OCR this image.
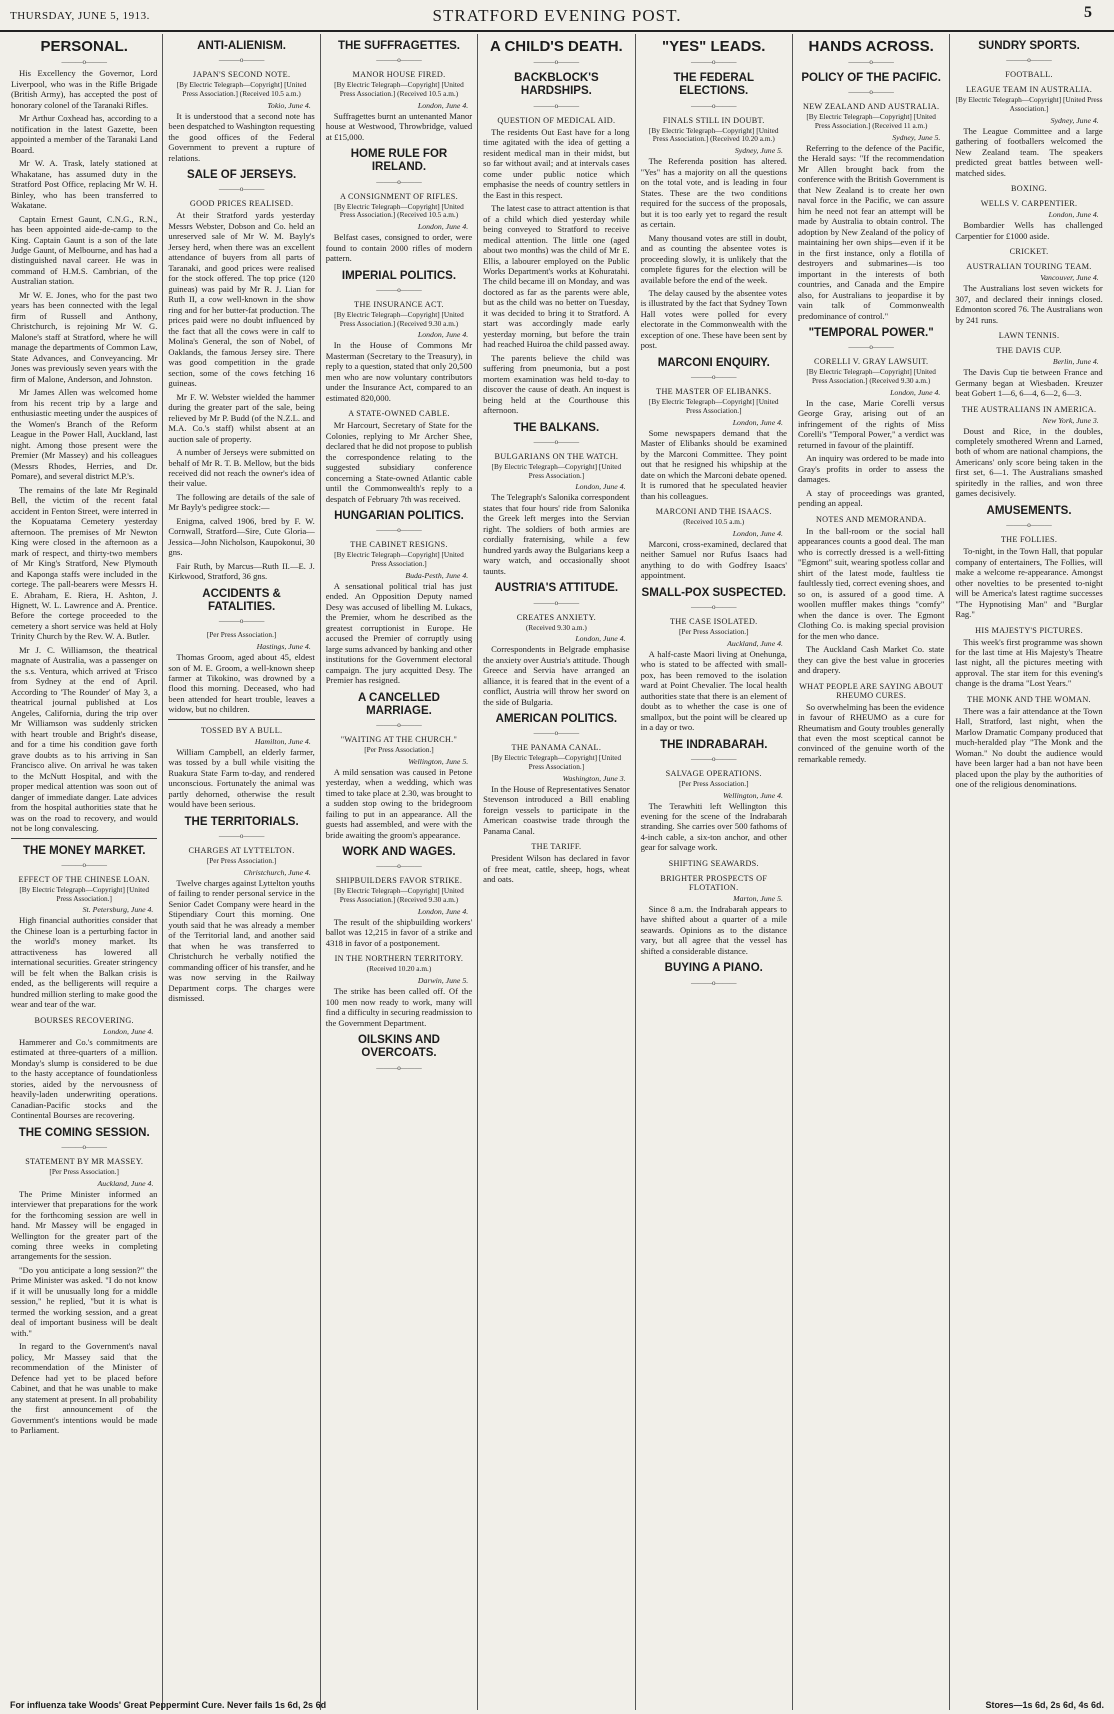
THURSDAY, JUNE 5, 1913.	STRATFORD EVENING POST.	5
PERSONAL.
———o———

His Excellency the Governor, Lord Liverpool, who was in the Rifle Brigade (British Army), has accepted the post of honorary colonel of the Taranaki Rifles.

Mr Arthur Coxhead has, according to a notification in the latest Gazette, been appointed a member of the Taranaki Land Board.

Mr W. A. Trask, lately stationed at Whakatane, has assumed duty in the Stratford Post Office, replacing Mr W. H. Binley, who has been transferred to Wakatane.

Captain Ernest Gaunt, C.N.G., R.N., has been appointed aide-de-camp to the King. Captain Gaunt is a son of the late Judge Gaunt, of Melbourne, and has had a distinguished naval career. He was in command of H.M.S. Cambrian, of the Australian station.

Mr W. E. Jones, who for the past two years has been connected with the legal firm of Russell and Anthony, Christchurch, is rejoining Mr W. G. Malone's staff at Stratford, where he will manage the departments of Common Law, State Advances, and Conveyancing. Mr Jones was previously seven years with the firm of Malone, Anderson, and Johnston.

Mr James Allen was welcomed home from his recent trip by a large and enthusiastic meeting under the auspices of the Women's Branch of the Reform League in the Power Hall, Auckland, last night. Among those present were the Premier (Mr Massey) and his colleagues (Messrs Rhodes, Herries, and Dr. Pomare), and several district M.P.'s.

The remains of the late Mr Reginald Bell, the victim of the recent fatal accident in Fenton Street, were interred in the Kopuatama Cemetery yesterday afternoon. The premises of Mr Newton King were closed in the afternoon as a mark of respect, and thirty-two members of Mr King's Stratford, New Plymouth and Kaponga staffs were included in the cortege. The pall-bearers were Messrs H. E. Abraham, E. Riera, H. Ashton, J. Hignett, W. L. Lawrence and A. Prentice. Before the cortege proceeded to the cemetery a short service was held at Holy Trinity Church by the Rev. W. A. Butler.

Mr J. C. Williamson, the theatrical magnate of Australia, was a passenger on the s.s. Ventura, which arrived at 'Frisco from Sydney at the end of April. According to 'The Rounder' of May 3, a theatrical journal published at Los Angeles, California, during the trip over Mr Williamson was suddenly stricken with heart trouble and Bright's disease, and for a time his condition gave forth grave doubts as to his arriving in San Francisco alive. On arrival he was taken to the McNutt Hospital, and with the proper medical attention was soon out of danger of immediate danger. Late advices from the hospital authorities state that he was on the road to recovery, and would not be long convalescing.

THE MONEY MARKET.
———o———
EFFECT OF THE CHINESE LOAN.
[By Electric Telegraph—Copyright] [United Press Association.]
St. Petersburg, June 4.

High financial authorities consider that the Chinese loan is a perturbing factor in the world's money market. Its attractiveness has lowered all international securities. Greater stringency will be felt when the Balkan crisis is ended, as the belligerents will require a hundred million sterling to make good the wear and tear of the war.

BOURSES RECOVERING.
London, June 4.

Hammerer and Co.'s commitments are estimated at three-quarters of a million. Monday's slump is considered to be due to the hasty acceptance of foundationless stories, aided by the nervousness of heavily-laden underwriting operations. Canadian-Pacific stocks and the Continental Bourses are recovering.

THE COMING SESSION.
———o———
STATEMENT BY MR MASSEY.
[Per Press Association.]
Auckland, June 4.

The Prime Minister informed an interviewer that preparations for the work for the forthcoming session are well in hand. Mr Massey will be engaged in Wellington for the greater part of the coming three weeks in completing arrangements for the session.

"Do you anticipate a long session?" the Prime Minister was asked. "I do not know if it will be unusually long for a middle session," he replied, "but it is what is termed the working session, and a great deal of important business will be dealt with."

In regard to the Government's naval policy, Mr Massey said that the recommendation of the Minister of Defence had yet to be placed before Cabinet, and that he was unable to make any statement at present. In all probability the first announcement of the Government's intentions would be made to Parliament.

ANTI-ALIENISM.
———o———
JAPAN'S SECOND NOTE.
[By Electric Telegraph—Copyright] [United Press Association.] (Received 10.5 a.m.)
Tokio, June 4.

It is understood that a second note has been despatched to Washington requesting the good offices of the Federal Government to prevent a rupture of relations.

SALE OF JERSEYS.
———o———
GOOD PRICES REALISED.

At their Stratford yards yesterday Messrs Webster, Dobson and Co. held an unreserved sale of Mr W. M. Bayly's Jersey herd, when there was an excellent attendance of buyers from all parts of Taranaki, and good prices were realised for the stock offered. The top price (120 guineas) was paid by Mr R. J. Lian for Ruth II, a cow well-known in the show ring and for her butter-fat production. The prices paid were no doubt influenced by the fact that all the cows were in calf to Molina's General, the son of Nobel, of Oaklands, the famous Jersey sire. There was good competition in the grade section, some of the cows fetching 16 guineas.

Mr F. W. Webster wielded the hammer during the greater part of the sale, being relieved by Mr P. Budd (of the N.Z.L. and M.A. Co.'s staff) whilst absent at an auction sale of property.

A number of Jerseys were submitted on behalf of Mr R. T. B. Mellow, but the bids received did not reach the owner's idea of their value.

The following are details of the sale of Mr Bayly's pedigree stock:—

Enigma, calved 1906, bred by F. W. Cornwall, Stratford—Sire, Cute Gloria—Jessica—John Nicholson, Kaupokonui, 30 gns.

Fair Ruth, by Marcus—Ruth II.—E. J. Kirkwood, Stratford, 36 gns.

ACCIDENTS & FATALITIES.
———o———
[Per Press Association.]
Hastings, June 4.

Thomas Groom, aged about 45, eldest son of M. E. Groom, a well-known sheep farmer at Tikokino, was drowned by a flood this morning. Deceased, who had been attended for heart trouble, leaves a widow, but no children.

TOSSED BY A BULL.
Hamilton, June 4.

William Campbell, an elderly farmer, was tossed by a bull while visiting the Ruakura State Farm to-day, and rendered unconscious. Fortunately the animal was partly dehorned, otherwise the result would have been serious.

THE TERRITORIALS.
———o———
CHARGES AT LYTTELTON.
[Per Press Association.]
Christchurch, June 4.

Twelve charges against Lyttelton youths of failing to render personal service in the Senior Cadet Company were heard in the Stipendiary Court this morning. One youth said that he was already a member of the Territorial land, and another said that when he was transferred to Christchurch he verbally notified the commanding officer of his transfer, and he was now serving in the Railway Department corps. The charges were dismissed.

THE SUFFRAGETTES.
———o———
MANOR HOUSE FIRED.
[By Electric Telegraph—Copyright] [United Press Association.] (Received 10.5 a.m.)
London, June 4.

Suffragettes burnt an untenanted Manor house at Westwood, Throwbridge, valued at £15,000.

HOME RULE FOR IRELAND.
———o———
A CONSIGNMENT OF RIFLES.
[By Electric Telegraph—Copyright] [United Press Association.] (Received 10.5 a.m.)
London, June 4.

Belfast cases, consigned to order, were found to contain 2000 rifles of modern pattern.

IMPERIAL POLITICS.
———o———
THE INSURANCE ACT.
[By Electric Telegraph—Copyright] [United Press Association.] (Received 9.30 a.m.)
London, June 4.

In the House of Commons Mr Masterman (Secretary to the Treasury), in reply to a question, stated that only 20,500 men who are now voluntary contributors under the Insurance Act, compared to an estimated 820,000.

A STATE-OWNED CABLE.

Mr Harcourt, Secretary of State for the Colonies, replying to Mr Archer Shee, declared that he did not propose to publish the correspondence relating to the suggested subsidiary conference concerning a State-owned Atlantic cable until the Commonwealth's reply to a despatch of February 7th was received.

HUNGARIAN POLITICS.
———o———
THE CABINET RESIGNS.
[By Electric Telegraph—Copyright] [United Press Association.]
Buda-Pesth, June 4.

A sensational political trial has just ended. An Opposition Deputy named Desy was accused of libelling M. Lukacs, the Premier, whom he described as the greatest corruptionist in Europe. He accused the Premier of corruptly using large sums advanced by banking and other institutions for the Government electoral campaign. The jury acquitted Desy. The Premier has resigned.

A CANCELLED MARRIAGE.
———o———
"WAITING AT THE CHURCH."
[Per Press Association.]
Wellington, June 5.

A mild sensation was caused in Petone yesterday, when a wedding, which was timed to take place at 2.30, was brought to a sudden stop owing to the bridegroom failing to put in an appearance. All the guests had assembled, and were with the bride awaiting the groom's appearance.

WORK AND WAGES.
———o———
SHIPBUILDERS FAVOR STRIKE.
[By Electric Telegraph—Copyright] [United Press Association.] (Received 9.30 a.m.)
London, June 4.

The result of the shipbuilding workers' ballot was 12,215 in favor of a strike and 4318 in favor of a postponement.

IN THE NORTHERN TERRITORY.
(Received 10.20 a.m.)
Darwin, June 5.

The strike has been called off. Of the 100 men now ready to work, many will find a difficulty in securing readmission to the Government Department.

OILSKINS AND OVERCOATS.
———o———
A CHILD'S DEATH.
———o———
BACKBLOCK'S HARDSHIPS.
———o———
QUESTION OF MEDICAL AID.

The residents Out East have for a long time agitated with the idea of getting a resident medical man in their midst, but so far without avail; and at intervals cases come under public notice which emphasise the needs of country settlers in the East in this respect.

The latest case to attract attention is that of a child which died yesterday while being conveyed to Stratford to receive medical attention. The little one (aged about two months) was the child of Mr E. Ellis, a labourer employed on the Public Works Department's works at Kohuratahi. The child became ill on Monday, and was doctored as far as the parents were able, but as the child was no better on Tuesday, it was decided to bring it to Stratford. A start was accordingly made early yesterday morning, but before the train had reached Huiroa the child passed away.

The parents believe the child was suffering from pneumonia, but a post mortem examination was held to-day to discover the cause of death. An inquest is being held at the Courthouse this afternoon.

THE BALKANS.
———o———
BULGARIANS ON THE WATCH.
[By Electric Telegraph—Copyright] [United Press Association.]
London, June 4.

The Telegraph's Salonika correspondent states that four hours' ride from Salonika the Greek left merges into the Servian right. The soldiers of both armies are cordially fraternising, while a few hundred yards away the Bulgarians keep a wary watch, and occasionally shoot taunts.

AUSTRIA'S ATTITUDE.
———o———
CREATES ANXIETY.
(Received 9.30 a.m.)
London, June 4.

Correspondents in Belgrade emphasise the anxiety over Austria's attitude. Though Greece and Servia have arranged an alliance, it is feared that in the event of a conflict, Austria will throw her sword on the side of Bulgaria.

AMERICAN POLITICS.
———o———
THE PANAMA CANAL.
[By Electric Telegraph—Copyright] [United Press Association.]
Washington, June 3.

In the House of Representatives Senator Stevenson introduced a Bill enabling foreign vessels to participate in the American coastwise trade through the Panama Canal.

THE TARIFF.

President Wilson has declared in favor of free meat, cattle, sheep, hogs, wheat and oats.

"YES" LEADS.
———o———
THE FEDERAL ELECTIONS.
———o———
FINALS STILL IN DOUBT.
[By Electric Telegraph—Copyright] [United Press Association.] (Received 10.20 a.m.)
Sydney, June 5.

The Referenda position has altered. "Yes" has a majority on all the questions on the total vote, and is leading in four States. These are the two conditions required for the success of the proposals, but it is too early yet to regard the result as certain.

Many thousand votes are still in doubt, and as counting the absentee votes is proceeding slowly, it is unlikely that the complete figures for the election will be available before the end of the week.

The delay caused by the absentee votes is illustrated by the fact that Sydney Town Hall votes were polled for every electorate in the Commonwealth with the exception of one. These have been sent by post.

MARCONI ENQUIRY.
———o———
THE MASTER OF ELIBANKS.
[By Electric Telegraph—Copyright] [United Press Association.]
London, June 4.

Some newspapers demand that the Master of Elibanks should be examined by the Marconi Committee. They point out that he resigned his whipship at the date on which the Marconi debate opened. It is rumored that he speculated heavier than his colleagues.

MARCONI AND THE ISAACS.
(Received 10.5 a.m.)
London, June 4.

Marconi, cross-examined, declared that neither Samuel nor Rufus Isaacs had anything to do with Godfrey Isaacs' appointment.

SMALL-POX SUSPECTED.
———o———
THE CASE ISOLATED.
[Per Press Association.]
Auckland, June 4.

A half-caste Maori living at Onehunga, who is stated to be affected with small-pox, has been removed to the isolation ward at Point Chevalier. The local health authorities state that there is an element of doubt as to whether the case is one of smallpox, but the point will be cleared up in a day or two.

THE INDRABARAH.
———o———
SALVAGE OPERATIONS.
[Per Press Association.]
Wellington, June 4.

The Terawhiti left Wellington this evening for the scene of the Indrabarah stranding. She carries over 500 fathoms of 4-inch cable, a six-ton anchor, and other gear for salvage work.

SHIFTING SEAWARDS.
BRIGHTER PROSPECTS OF FLOTATION.
Marton, June 5.

Since 8 a.m. the Indrabarah appears to have shifted about a quarter of a mile seawards. Opinions as to the distance vary, but all agree that the vessel has shifted a considerable distance.

BUYING A PIANO.
———o———
HANDS ACROSS.
———o———
POLICY OF THE PACIFIC.
———o———
NEW ZEALAND AND AUSTRALIA.
[By Electric Telegraph—Copyright] [United Press Association.] (Received 11 a.m.)
Sydney, June 5.

Referring to the defence of the Pacific, the Herald says: "If the recommendation Mr Allen brought back from the conference with the British Government is that New Zealand is to create her own naval force in the Pacific, we can assure him he need not fear an attempt will be made by Australia to obtain control. The adoption by New Zealand of the policy of maintaining her own ships—even if it be in the first instance, only a flotilla of destroyers and submarines—is too important in the interests of both countries, and Canada and the Empire also, for Australians to jeopardise it by vain talk of Commonwealth predominance of control."

"TEMPORAL POWER."
———o———
CORELLI V. GRAY LAWSUIT.
[By Electric Telegraph—Copyright] [United Press Association.] (Received 9.30 a.m.)
London, June 4.

In the case, Marie Corelli versus George Gray, arising out of an infringement of the rights of Miss Corelli's "Temporal Power," a verdict was returned in favour of the plaintiff.

An inquiry was ordered to be made into Gray's profits in order to assess the damages.

A stay of proceedings was granted, pending an appeal.

NOTES AND MEMORANDA.

In the ball-room or the social hall appearances counts a good deal. The man who is correctly dressed is a well-fitting "Egmont" suit, wearing spotless collar and shirt of the latest mode, faultless tie faultlessly tied, correct evening shoes, and so on, is assured of a good time. A woollen muffler makes things "comfy" when the dance is over. The Egmont Clothing Co. is making special provision for the men who dance.

The Auckland Cash Market Co. state they can give the best value in groceries and drapery.

WHAT PEOPLE ARE SAYING ABOUT RHEUMO CURES.

So overwhelming has been the evidence in favour of RHEUMO as a cure for Rheumatism and Gouty troubles generally that even the most sceptical cannot be convinced of the genuine worth of the remarkable remedy.

SUNDRY SPORTS.
———o———
FOOTBALL.
LEAGUE TEAM IN AUSTRALIA.
[By Electric Telegraph—Copyright] [United Press Association.]
Sydney, June 4.

The League Committee and a large gathering of footballers welcomed the New Zealand team. The speakers predicted great battles between well-matched sides.

BOXING.
WELLS V. CARPENTIER.
London, June 4.

Bombardier Wells has challenged Carpentier for £1000 aside.

CRICKET.
AUSTRALIAN TOURING TEAM.
Vancouver, June 4.

The Australians lost seven wickets for 307, and declared their innings closed. Edmonton scored 76. The Australians won by 241 runs.

LAWN TENNIS.
THE DAVIS CUP.
Berlin, June 4.

The Davis Cup tie between France and Germany began at Wiesbaden. Kreuzer beat Gobert 1—6, 6—4, 6—2, 6—3.

THE AUSTRALIANS IN AMERICA.
New York, June 3.

Doust and Rice, in the doubles, completely smothered Wrenn and Larned, both of whom are national champions, the Americans' only score being taken in the first set, 6—1. The Australians smashed spiritedly in the rallies, and won three games decisively.

AMUSEMENTS.
———o———
THE FOLLIES.

To-night, in the Town Hall, that popular company of entertainers, The Follies, will make a welcome re-appearance. Amongst other novelties to be presented to-night will be America's latest ragtime successes "The Hypnotising Man" and "Burglar Rag."

HIS MAJESTY'S PICTURES.

This week's first programme was shown for the last time at His Majesty's Theatre last night, all the pictures meeting with approval. The star item for this evening's change is the drama "Lost Years."

THE MONK AND THE WOMAN.

There was a fair attendance at the Town Hall, Stratford, last night, when the Marlow Dramatic Company produced that much-heralded play "The Monk and the Woman." No doubt the audience would have been larger had a ban not have been placed upon the play by the authorities of one of the religious denominations.

For influenza take Woods' Great Peppermint Cure. Never fails 1s 6d, 2s 6d	Stores—1s 6d, 2s 6d, 4s 6d.
